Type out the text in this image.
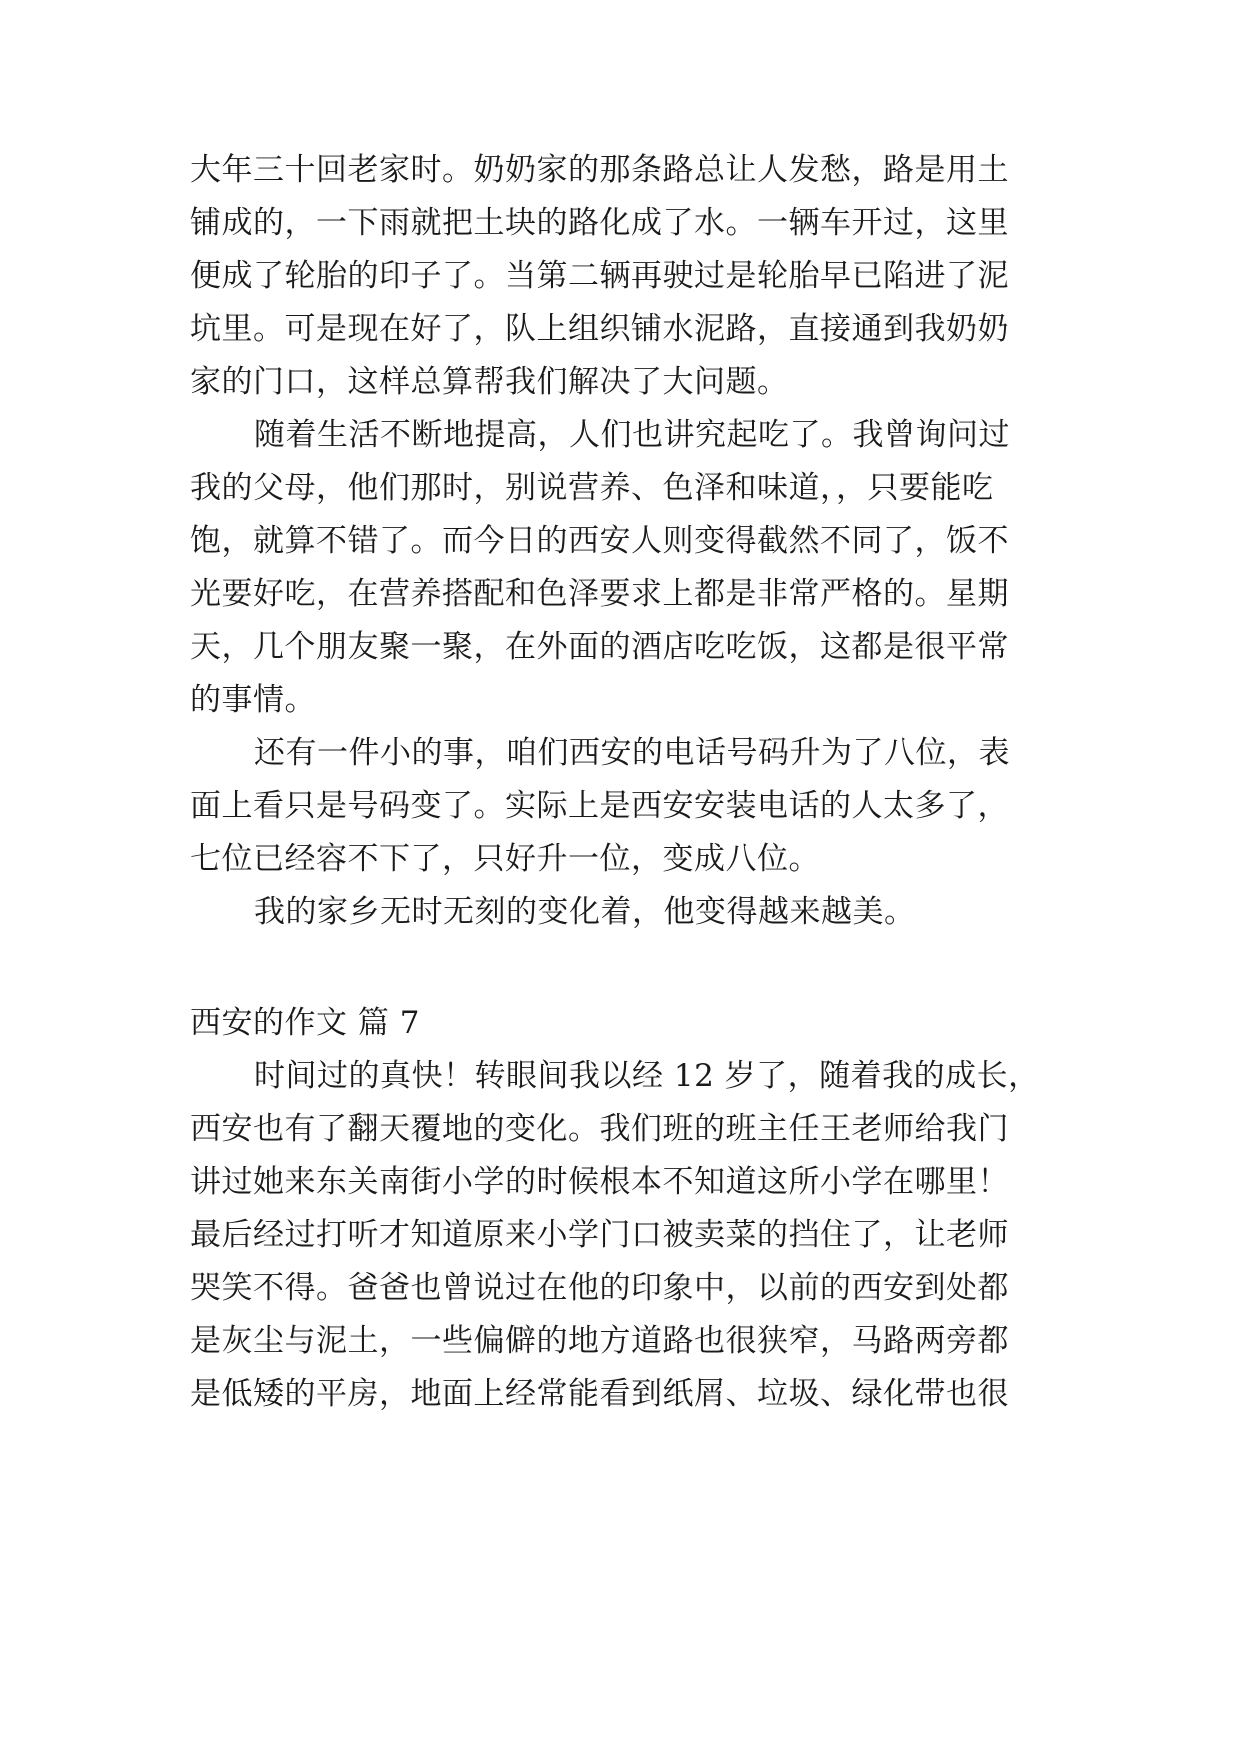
大年三十回老家时。奶奶家的那条路总让人发愁，路是用土
铺成的，一下雨就把土块的路化成了水。一辆车开过，这里
便成了轮胎的印子了。当第二辆再驶过是轮胎早已陷进了泥
坑里。可是现在好了，队上组织铺水泥路，直接通到我奶奶
家的门口，这样总算帮我们解决了大问题。
随着生活不断地提高，人们也讲究起吃了。我曾询问过
我的父母，他们那时，别说营养、色泽和味道，，只要能吃
饱，就算不错了。而今日的西安人则变得截然不同了，饭不
光要好吃，在营养搭配和色泽要求上都是非常严格的。星期
天，几个朋友聚一聚，在外面的酒店吃吃饭，这都是很平常
的事情。
还有一件小的事，咱们西安的电话号码升为了八位，表
面上看只是号码变了。实际上是西安安装电话的人太多了，
七位已经容不下了，只好升一位，变成八位。
我的家乡无时无刻的变化着，他变得越来越美。
西安的作文 篇 7
时间过的真快！转眼间我以经 12 岁了，随着我的成长，
西安也有了翻天覆地的变化。我们班的班主任王老师给我门
讲过她来东关南街小学的时候根本不知道这所小学在哪里！
最后经过打听才知道原来小学门口被卖菜的挡住了，让老师
哭笑不得。爸爸也曾说过在他的印象中，以前的西安到处都
是灰尘与泥土，一些偏僻的地方道路也很狭窄，马路两旁都
是低矮的平房，地面上经常能看到纸屑、垃圾、绿化带也很
